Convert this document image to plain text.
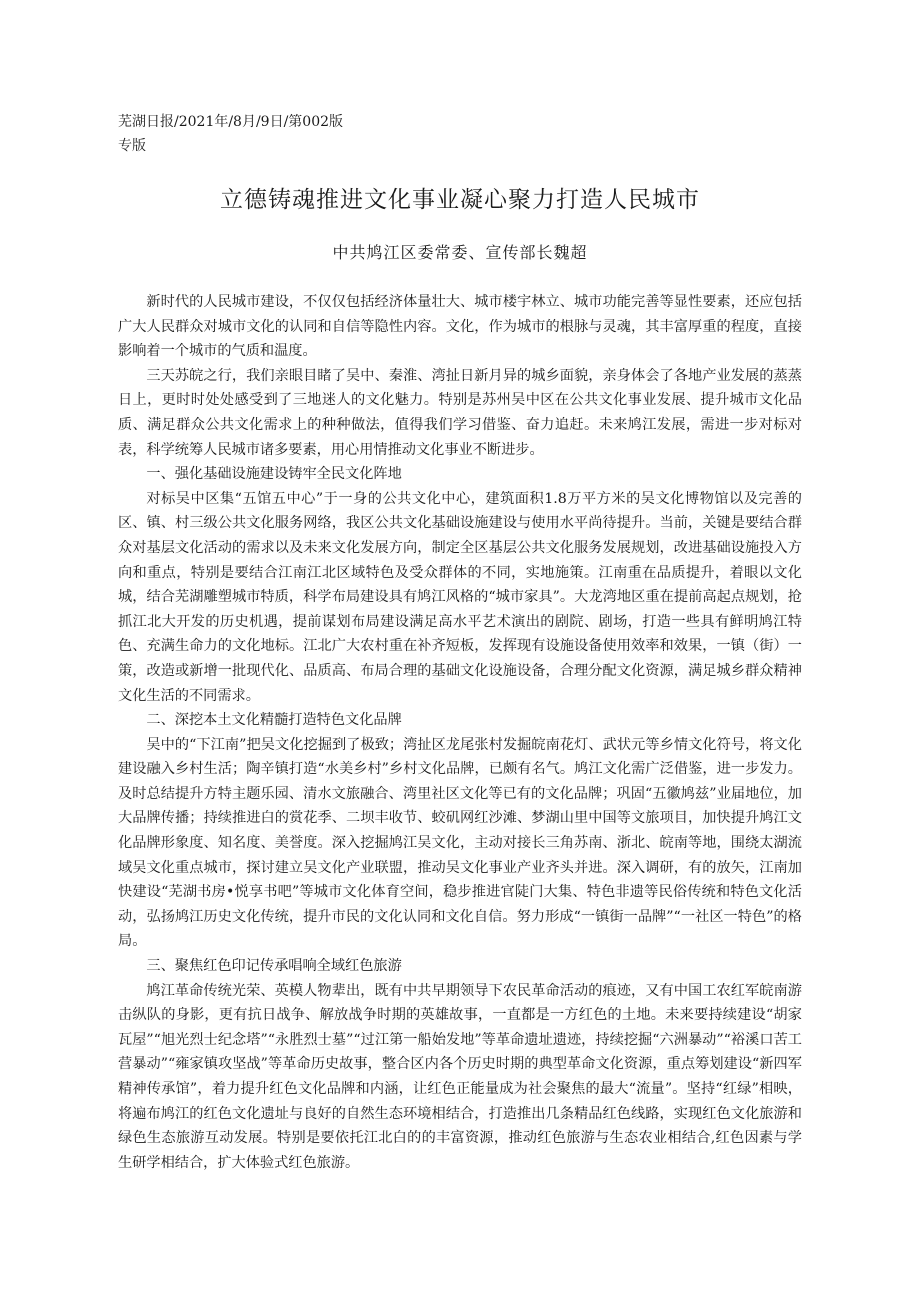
芜湖日报/2021年/8月/9日/第002版
专版
立德铸魂推进文化事业凝心聚力打造人民城市
中共鸠江区委常委、宣传部长魏超

新时代的人民城市建设，不仅仅包括经济体量壮大、城市楼宇林立、城市功能完善等显性要素，还应包括广大人民群众对城市文化的认同和自信等隐性内容。文化，作为城市的根脉与灵魂，其丰富厚重的程度，直接影响着一个城市的气质和温度。

三天苏皖之行，我们亲眼目睹了吴中、秦淮、湾扯日新月异的城乡面貌，亲身体会了各地产业发展的蒸蒸日上，更时时处处感受到了三地迷人的文化魅力。特别是苏州吴中区在公共文化事业发展、提升城市文化品质、满足群众公共文化需求上的种种做法，值得我们学习借鉴、奋力追赶。未来鸠江发展，需进一步对标对表，科学统筹人民城市诸多要素，用心用情推动文化事业不断进步。

一、强化基础设施建设铸牢全民文化阵地

对标吴中区集“五馆五中心”于一身的公共文化中心，建筑面积1.8万平方米的吴文化博物馆以及完善的区、镇、村三级公共文化服务网络，我区公共文化基础设施建设与使用水平尚待提升。当前，关键是要结合群众对基层文化活动的需求以及未来文化发展方向，制定全区基层公共文化服务发展规划，改进基础设施投入方向和重点，特别是要结合江南江北区域特色及受众群体的不同，实地施策。江南重在品质提升，着眼以文化城，结合芜湖雕塑城市特质，科学布局建设具有鸠江风格的“城市家具”。大龙湾地区重在提前高起点规划，抢抓江北大开发的历史机遇，提前谋划布局建设满足高水平艺术演出的剧院、剧场，打造一些具有鲜明鸠江特色、充满生命力的文化地标。江北广大农村重在补齐短板，发挥现有设施设备使用效率和效果，一镇（街）一策，改造或新增一批现代化、品质高、布局合理的基础文化设施设备，合理分配文化资源，满足城乡群众精神文化生活的不同需求。

二、深挖本土文化精髓打造特色文化品牌

吴中的“下江南”把吴文化挖掘到了极致；湾扯区龙尾张村发掘皖南花灯、武状元等乡情文化符号，将文化建设融入乡村生活；陶辛镇打造“水美乡村”乡村文化品牌，已颇有名气。鸠江文化需广泛借鉴，进一步发力。及时总结提升方特主题乐园、清水文旅融合、湾里社区文化等已有的文化品牌；巩固“五徽鸠兹”业届地位，加大品牌传播；持续推进白的赏花季、二坝丰收节、蛟矶网红沙滩、梦湖山里中国等文旅项目，加快提升鸠江文化品牌形象度、知名度、美誉度。深入挖掘鸠江吴文化，主动对接长三角苏南、浙北、皖南等地，围绕太湖流域吴文化重点城市，探讨建立吴文化产业联盟，推动吴文化事业产业齐头并进。深入调研，有的放矢，江南加快建设“芜湖书房•悦享书吧”等城市文化体育空间，稳步推进官陡门大集、特色非遗等民俗传统和特色文化活动，弘扬鸠江历史文化传统，提升市民的文化认同和文化自信。努力形成“一镇街一品牌”“一社区一特色”的格局。

三、聚焦红色印记传承唱响全域红色旅游

鸠江革命传统光荣、英模人物辈出，既有中共早期领导下农民革命活动的痕迹，又有中国工农红军皖南游击纵队的身影，更有抗日战争、解放战争时期的英雄故事，一直都是一方红色的土地。未来要持续建设“胡家瓦屋”“旭光烈士纪念塔”“永胜烈士墓”“过江第一船始发地”等革命遗址遗迹，持续挖掘“六洲暴动”“裕溪口苦工营暴动”“雍家镇攻坚战”等革命历史故事，整合区内各个历史时期的典型革命文化资源，重点筹划建设“新四军精神传承馆”，着力提升红色文化品牌和内涵，让红色正能量成为社会聚焦的最大“流量”。坚持“红绿”相映，将遍布鸠江的红色文化遗址与良好的自然生态环境相结合，打造推出几条精品红色线路，实现红色文化旅游和绿色生态旅游互动发展。特别是要依托江北白的的丰富资源，推动红色旅游与生态农业相结合,红色因素与学生研学相结合，扩大体验式红色旅游。
